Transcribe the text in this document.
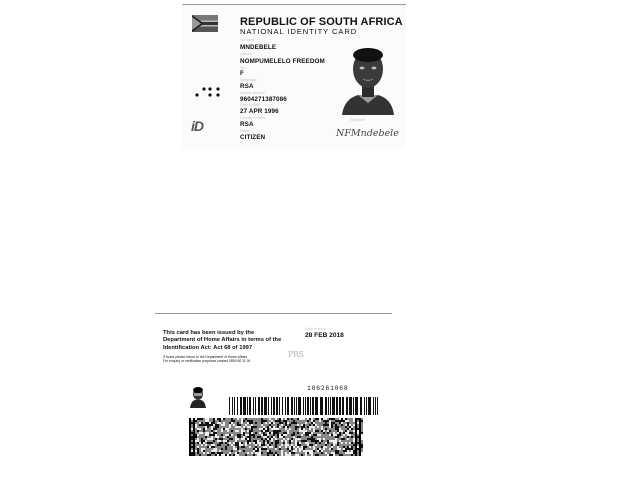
REPUBLIC OF SOUTH AFRICA
NATIONAL IDENTITY CARD
Surname
MNDEBELE
Names
NOMPUMELELO FREEDOM
Sex
F
Nationality
RSA
Identity Number
9604271387086
Date of Birth
27 APR 1996
Country of Birth
RSA
Status
CITIZEN
iD	Signature
NFMndebele
This card has been issued by the
Department of Home Affairs in terms of the
Identification Act: Act 68 of 1997
If found please return to the Department of Home Affairs
For enquiry or verification purposes contact 0800 60 11 90
Date of Issue
28 FEB 2018
PRS
106261068
